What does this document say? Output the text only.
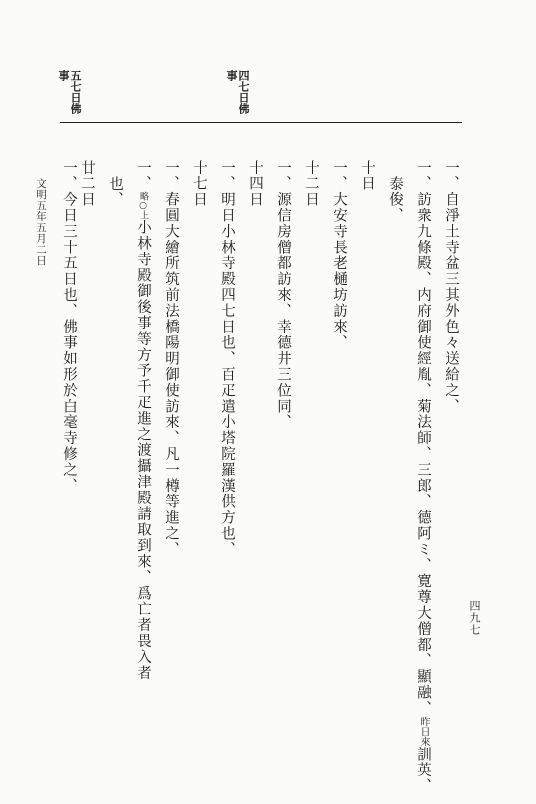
四七日佛
事
五七日佛
事
一、自淨土寺盆三其外色々送給之、
一、訪衆九條殿、内府御使經胤、菊法師、三郎、德阿ミ、寛尊大僧都、顯融、昨日來訓英、
泰俊、
十日
一、大安寺長老樋坊訪來、
十二日
一、源信房僧都訪來、幸德井三位同、
十四日
一、明日小林寺殿四七日也、百疋遣小塔院羅漢供方也、
十七日
一、春圓大繪所筑前法橋陽明御使訪來、凡一樽等進之、
一、略○上小林寺殿御後事等方予千疋進之渡攝津殿請取到來、爲亡者畏入者
也、
廿二日
一、今日三十五日也、佛事如形於白毫寺修之、
文明五年五月二日
四九七
